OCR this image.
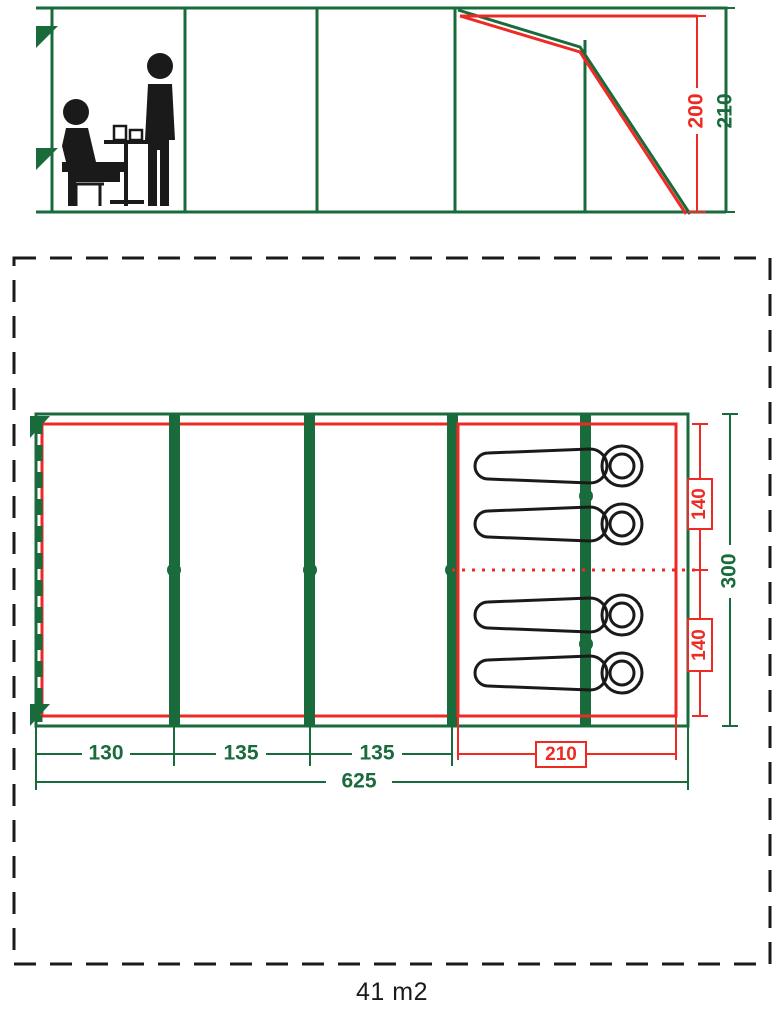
200 210
140
140
300
130	135	135	210
625
41 m2
